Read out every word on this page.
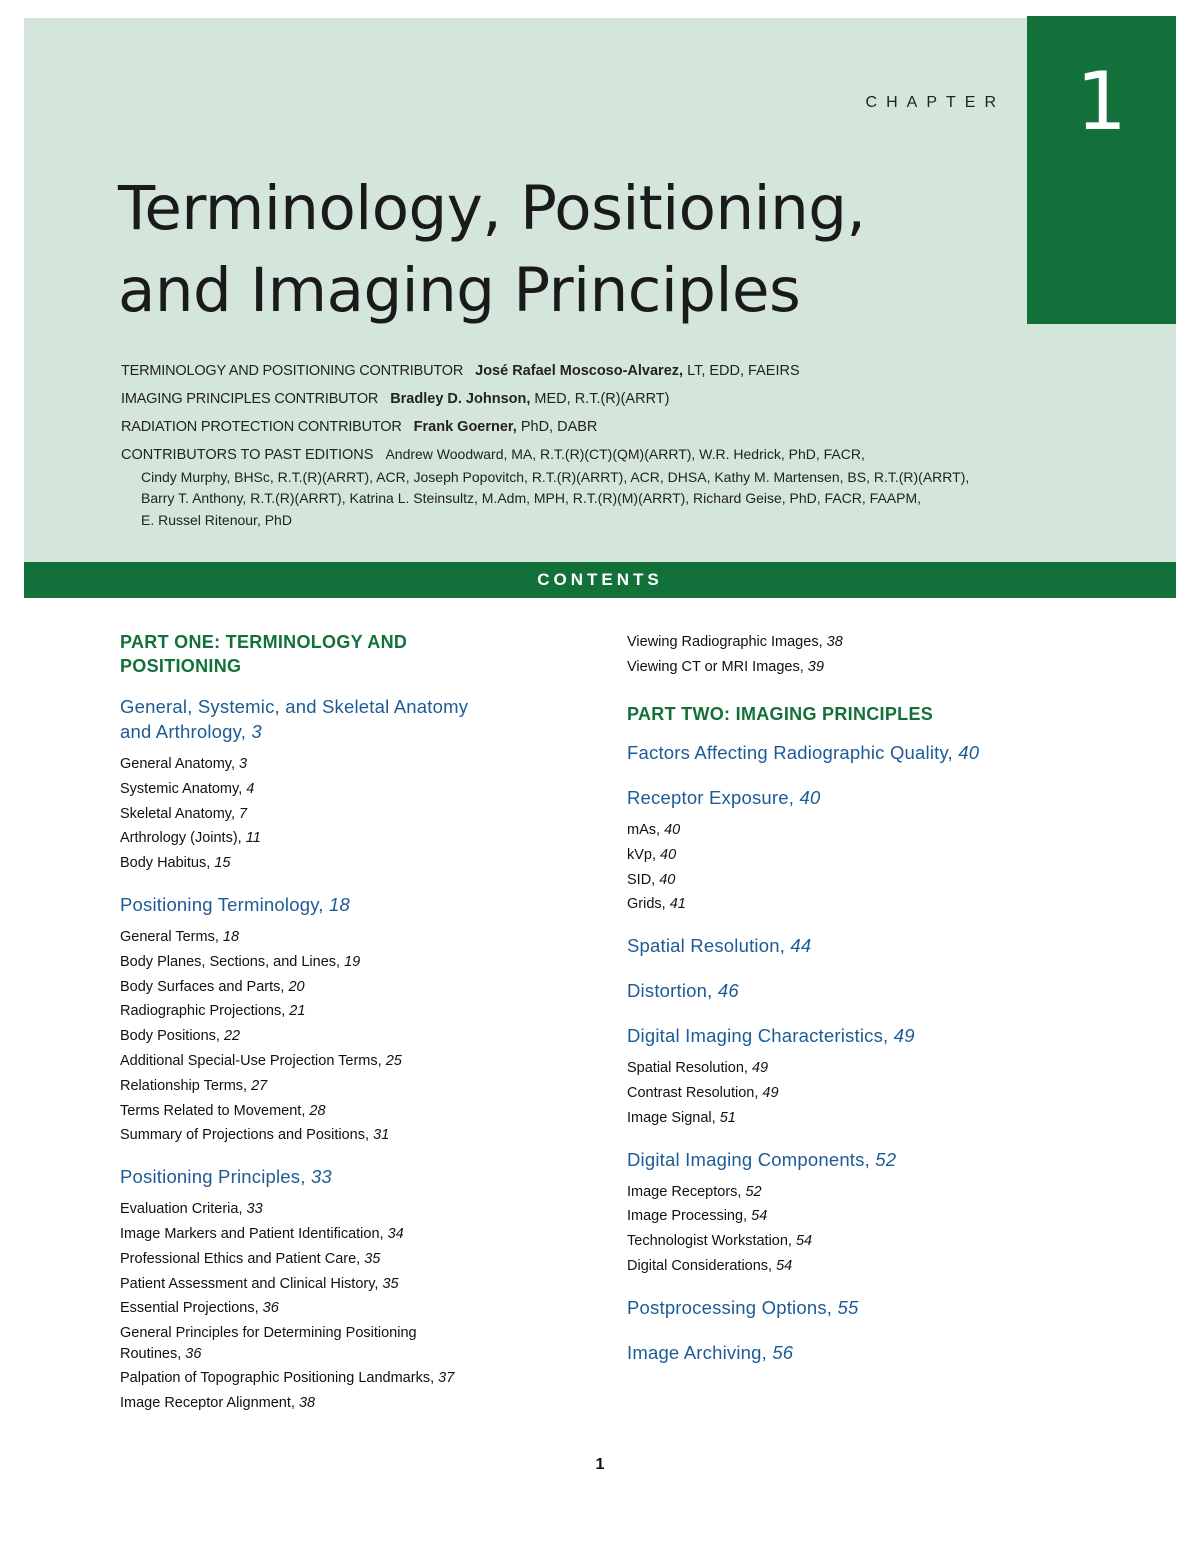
1
CHAPTER
Terminology, Positioning,
and Imaging Principles
TERMINOLOGY AND POSITIONING CONTRIBUTOR José Rafael Moscoso-Alvarez, LT, EDD, FAEIRS
IMAGING PRINCIPLES CONTRIBUTOR Bradley D. Johnson, MED, R.T.(R)(ARRT)
RADIATION PROTECTION CONTRIBUTOR Frank Goerner, PhD, DABR
CONTRIBUTORS TO PAST EDITIONS Andrew Woodward, MA, R.T.(R)(CT)(QM)(ARRT), W.R. Hedrick, PhD, FACR,
Cindy Murphy, BHSc, R.T.(R)(ARRT), ACR, Joseph Popovitch, R.T.(R)(ARRT), ACR, DHSA, Kathy M. Martensen, BS, R.T.(R)(ARRT),
Barry T. Anthony, R.T.(R)(ARRT), Katrina L. Steinsultz, M.Adm, MPH, R.T.(R)(M)(ARRT), Richard Geise, PhD, FACR, FAAPM,
E. Russel Ritenour, PhD
CONTENTS
PART ONE: TERMINOLOGY AND
POSITIONING
General, Systemic, and Skeletal Anatomy
and Arthrology, 3
General Anatomy, 3
Systemic Anatomy, 4
Skeletal Anatomy, 7
Arthrology (Joints), 11
Body Habitus, 15
Positioning Terminology, 18
General Terms, 18
Body Planes, Sections, and Lines, 19
Body Surfaces and Parts, 20
Radiographic Projections, 21
Body Positions, 22
Additional Special-Use Projection Terms, 25
Relationship Terms, 27
Terms Related to Movement, 28
Summary of Projections and Positions, 31
Positioning Principles, 33
Evaluation Criteria, 33
Image Markers and Patient Identification, 34
Professional Ethics and Patient Care, 35
Patient Assessment and Clinical History, 35
Essential Projections, 36
General Principles for Determining Positioning
Routines, 36
Palpation of Topographic Positioning Landmarks, 37
Image Receptor Alignment, 38
Viewing Radiographic Images, 38
Viewing CT or MRI Images, 39
PART TWO: IMAGING PRINCIPLES
Factors Affecting Radiographic Quality, 40
Receptor Exposure, 40
mAs, 40
kVp, 40
SID, 40
Grids, 41
Spatial Resolution, 44
Distortion, 46
Digital Imaging Characteristics, 49
Spatial Resolution, 49
Contrast Resolution, 49
Image Signal, 51
Digital Imaging Components, 52
Image Receptors, 52
Image Processing, 54
Technologist Workstation, 54
Digital Considerations, 54
Postprocessing Options, 55
Image Archiving, 56
1
